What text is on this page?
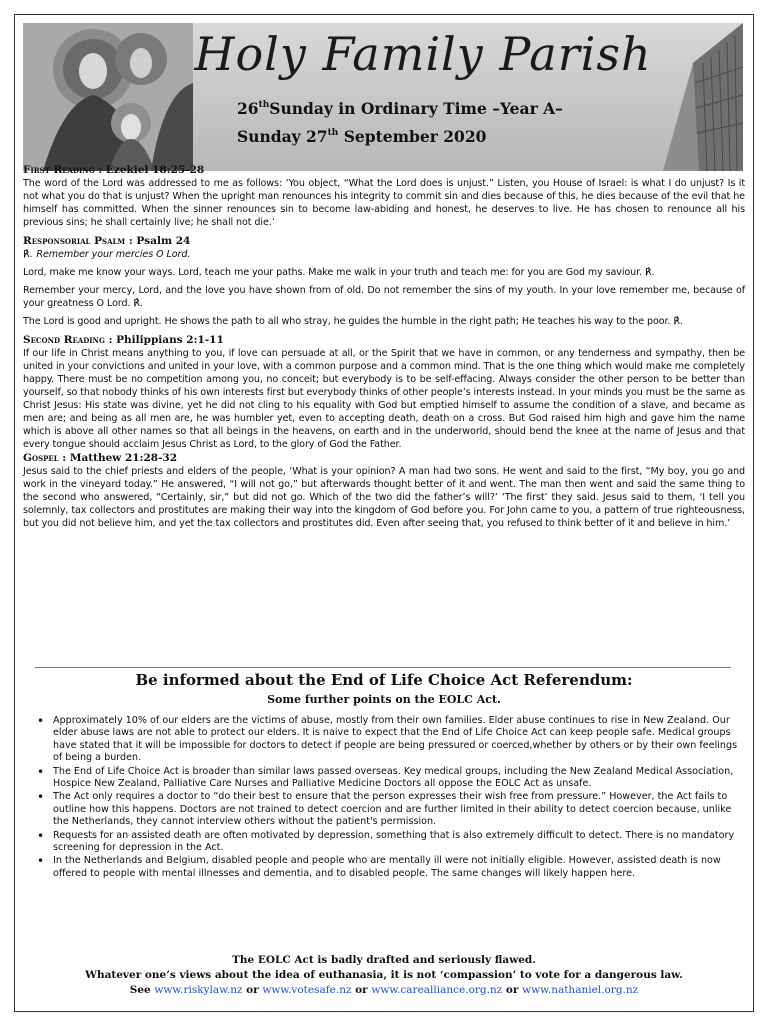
Holy Family Parish
26thSunday in Ordinary Time –Year A–
Sunday 27th September 2020

First Reading : Ezekiel 18:25-28

The word of the Lord was addressed to me as follows: ‘You object, “What the Lord does is unjust.” Listen, you House of Israel: is what I do unjust? Is it not what you do that is unjust? When the upright man renounces his integrity to commit sin and dies because of this, he dies because of the evil that he himself has committed. When the sinner renounces sin to become law-abiding and honest, he deserves to live. He has chosen to renounce all his previous sins; he shall certainly live; he shall not die.’

Responsorial Psalm : Psalm 24

℟. Remember your mercies O Lord.

Lord, make me know your ways. Lord, teach me your paths. Make me walk in your truth and teach me: for you are God my saviour. ℟.

Remember your mercy, Lord, and the love you have shown from of old. Do not remember the sins of my youth. In your love remember me, because of your greatness O Lord. ℟.

The Lord is good and upright. He shows the path to all who stray, he guides the humble in the right path; He teaches his way to the poor. ℟.

Second Reading : Philippians 2:1-11

If our life in Christ means anything to you, if love can persuade at all, or the Spirit that we have in common, or any tenderness and sympathy, then be united in your convictions and united in your love, with a common purpose and a common mind. That is the one thing which would make me completely happy. There must be no competition among you, no conceit; but everybody is to be self-effacing. Always consider the other person to be better than yourself, so that nobody thinks of his own interests first but everybody thinks of other people’s interests instead. In your minds you must be the same as Christ Jesus: His state was divine, yet he did not cling to his equality with God but emptied himself to assume the condition of a slave, and became as men are; and being as all men are, he was humbler yet, even to accepting death, death on a cross. But God raised him high and gave him the name which is above all other names so that all beings in the heavens, on earth and in the underworld, should bend the knee at the name of Jesus and that every tongue should acclaim Jesus Christ as Lord, to the glory of God the Father.

Gospel : Matthew 21:28-32

Jesus said to the chief priests and elders of the people, ‘What is your opinion? A man had two sons. He went and said to the first, “My boy, you go and work in the vineyard today.” He answered, “I will not go,” but afterwards thought better of it and went. The man then went and said the same thing to the second who answered, “Certainly, sir,” but did not go. Which of the two did the father’s will?’ ‘The first’ they said. Jesus said to them, ‘I tell you solemnly, tax collectors and prostitutes are making their way into the kingdom of God before you. For John came to you, a pattern of true righteousness, but you did not believe him, and yet the tax collectors and prostitutes did. Even after seeing that, you refused to think better of it and believe in him.’

Be informed about the End of Life Choice Act Referendum:
Some further points on the EOLC Act.
• Approximately 10% of our elders are the victims of abuse, mostly from their own families. Elder abuse continues to rise in New Zealand. Our elder abuse laws are not able to protect our elders. It is naive to expect that the End of Life Choice Act can keep people safe. Medical groups have stated that it will be impossible for doctors to detect if people are being pressured or coerced,whether by others or by their own feelings of being a burden.
• The End of Life Choice Act is broader than similar laws passed overseas. Key medical groups, including the New Zealand Medical Association, Hospice New Zealand, Palliative Care Nurses and Palliative Medicine Doctors all oppose the EOLC Act as unsafe.
• The Act only requires a doctor to “do their best to ensure that the person expresses their wish free from pressure.” However, the Act fails to outline how this happens. Doctors are not trained to detect coercion and are further limited in their ability to detect coercion because, unlike the Netherlands, they cannot interview others without the patient's permission.
• Requests for an assisted death are often motivated by depression, something that is also extremely difficult to detect. There is no mandatory screening for depression in the Act.
• In the Netherlands and Belgium, disabled people and people who are mentally ill were not initially eligible. However, assisted death is now offered to people with mental illnesses and dementia, and to disabled people. The same changes will likely happen here.
The EOLC Act is badly drafted and seriously flawed.
Whatever one’s views about the idea of euthanasia, it is not ‘compassion’ to vote for a dangerous law.
See www.riskylaw.nz or www.votesafe.nz or www.carealliance.org.nz or www.nathaniel.org.nz
